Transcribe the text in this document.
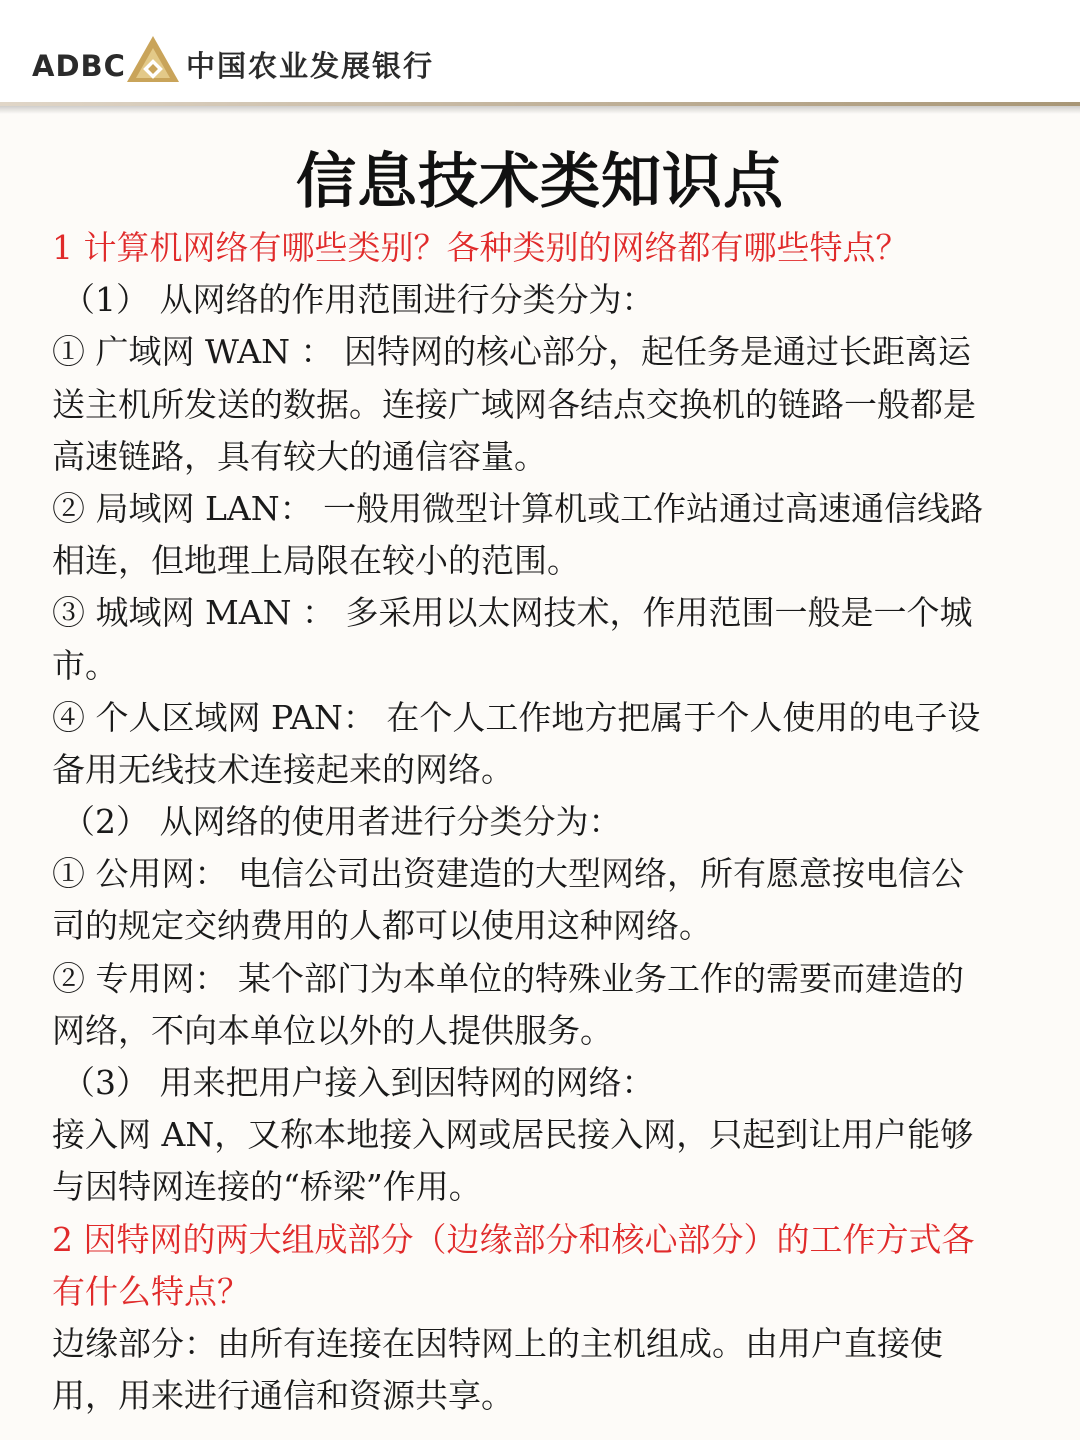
ADBC 中国农业发展银行
信息技术类知识点
1 计算机网络有哪些类别？各种类别的网络都有哪些特点？
（1） 从网络的作用范围进行分类分为：
① 广域网 WAN ： 因特网的核心部分，起任务是通过长距离运
送主机所发送的数据。连接广域网各结点交换机的链路一般都是
高速链路，具有较大的通信容量。
② 局域网 LAN： 一般用微型计算机或工作站通过高速通信线路
相连，但地理上局限在较小的范围。
③ 城域网 MAN ： 多采用以太网技术，作用范围一般是一个城
市。
④ 个人区域网 PAN： 在个人工作地方把属于个人使用的电子设
备用无线技术连接起来的网络。
（2） 从网络的使用者进行分类分为：
① 公用网： 电信公司出资建造的大型网络，所有愿意按电信公
司的规定交纳费用的人都可以使用这种网络。
② 专用网： 某个部门为本单位的特殊业务工作的需要而建造的
网络，不向本单位以外的人提供服务。
（3） 用来把用户接入到因特网的网络：
接入网 AN，又称本地接入网或居民接入网，只起到让用户能够
与因特网连接的“桥梁”作用。
2 因特网的两大组成部分（边缘部分和核心部分）的工作方式各
有什么特点？
边缘部分：由所有连接在因特网上的主机组成。由用户直接使
用，用来进行通信和资源共享。
